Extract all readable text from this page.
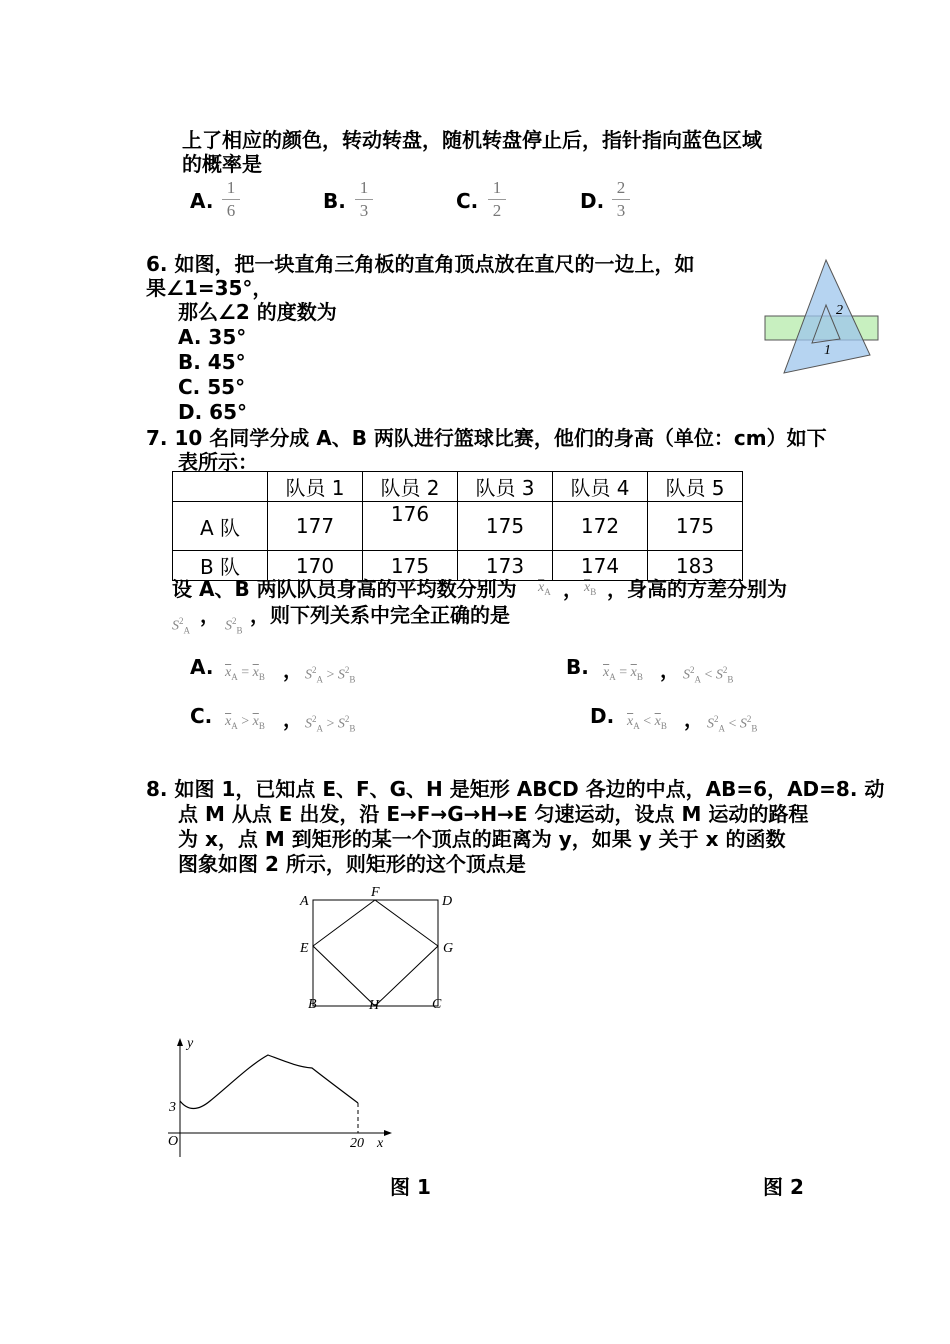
上了相应的颜色，转动转盘，随机转盘停止后，指针指向蓝色区域
的概率是
A.
1
6	B.
1
3	C.
1
2	D.
2
3
6. 如图，把一块直角三角板的直角顶点放在直尺的一边上，如
果∠1=35°，
那么∠2 的度数为
A. 35°
B. 45°
C. 55°
D. 65°
2
1
7. 10 名同学分成 A、B 两队进行篮球比赛，他们的身高（单位：cm）如下
表所示：
	队员 1	队员 2	队员 3	队员 4	队员 5
A 队	177	176	175	172	175
B 队	170	175	173	174	183
设 A、B 两队队员身高的平均数分别为 $\overline{x}_A$ ， $\overline{x}_B$ ，身高的方差分别为
$S^2_A$
， $S^2_B$
，则下列关系中完全正确的是
A. $\overline{x}_A = \overline{x}_B$ ， $S^2_A > S^2_B$
B. $\overline{x}_A = \overline{x}_B$ ， $S^2_A < S^2_B$
C. $\overline{x}_A > \overline{x}_B$ ， $S^2_A > S^2_B$
D. $\overline{x}_A < \overline{x}_B$ ， $S^2_A < S^2_B$
8. 如图 1，已知点 E、F、G、H 是矩形 ABCD 各边的中点，AB=6，AD=8. 动
点 M 从点 E 出发，沿 E→F→G→H→E 匀速运动，设点 M 运动的路程
为 x，点 M 到矩形的某一个顶点的距离为 y，如果 y 关于 x 的函数
图象如图 2 所示，则矩形的这个顶点是
A
F
D
E	G
B	H	C
y
x
O
3
20
图 1	图 2
